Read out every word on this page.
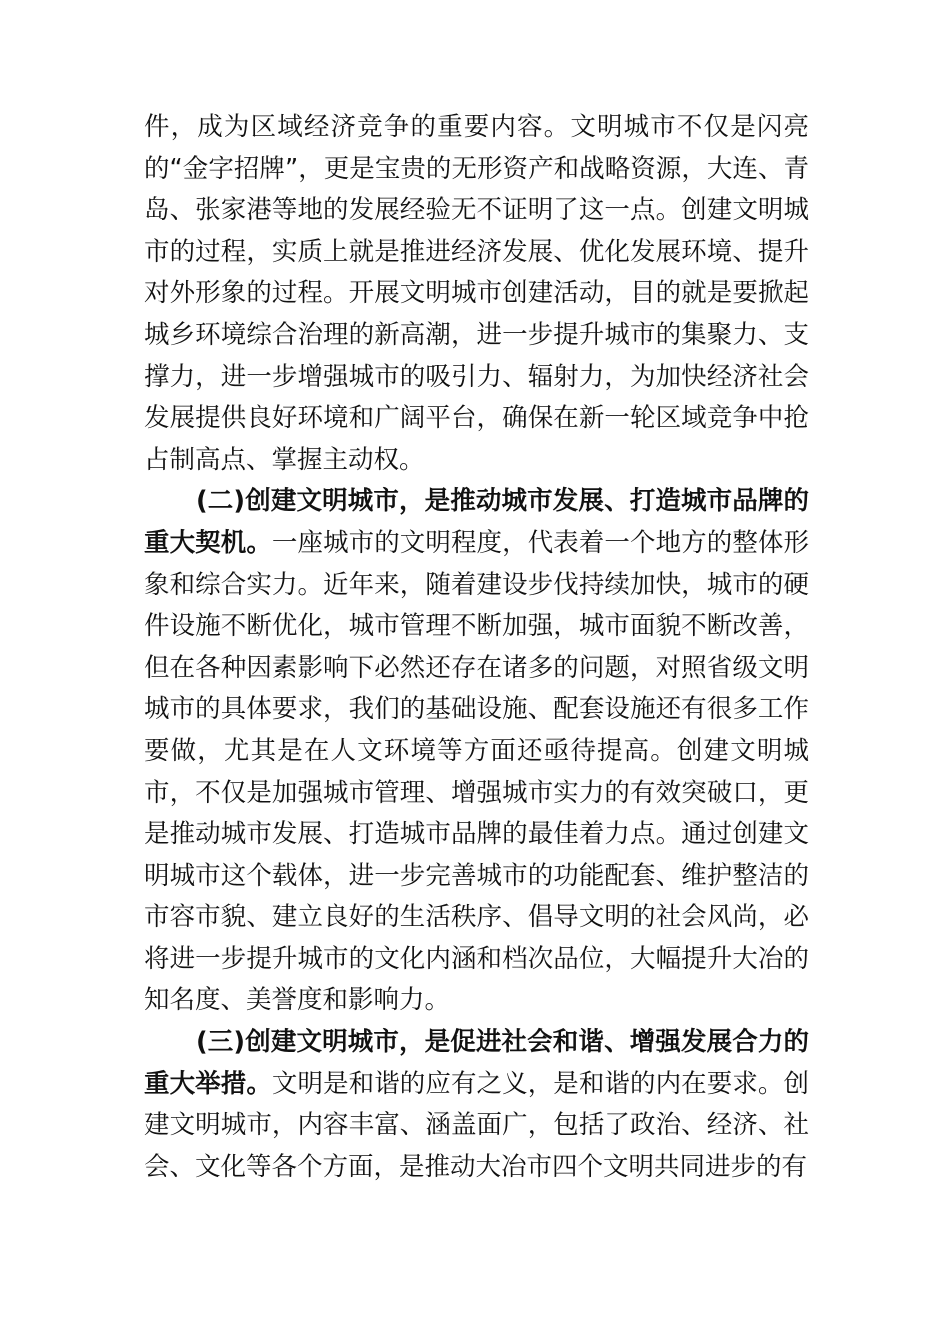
件，成为区域经济竞争的重要内容。文明城市不仅是闪亮的“金字招牌”，更是宝贵的无形资产和战略资源，大连、青岛、张家港等地的发展经验无不证明了这一点。创建文明城市的过程，实质上就是推进经济发展、优化发展环境、提升对外形象的过程。开展文明城市创建活动，目的就是要掀起城乡环境综合治理的新高潮，进一步提升城市的集聚力、支撑力，进一步增强城市的吸引力、辐射力，为加快经济社会发展提供良好环境和广阔平台，确保在新一轮区域竞争中抢占制高点、掌握主动权。

(二)创建文明城市，是推动城市发展、打造城市品牌的重大契机。一座城市的文明程度，代表着一个地方的整体形象和综合实力。近年来，随着建设步伐持续加快，城市的硬件设施不断优化，城市管理不断加强，城市面貌不断改善，但在各种因素影响下必然还存在诸多的问题，对照省级文明城市的具体要求，我们的基础设施、配套设施还有很多工作要做，尤其是在人文环境等方面还亟待提高。创建文明城市，不仅是加强城市管理、增强城市实力的有效突破口，更是推动城市发展、打造城市品牌的最佳着力点。通过创建文明城市这个载体，进一步完善城市的功能配套、维护整洁的市容市貌、建立良好的生活秩序、倡导文明的社会风尚，必将进一步提升城市的文化内涵和档次品位，大幅提升大冶的知名度、美誉度和影响力。

(三)创建文明城市，是促进社会和谐、增强发展合力的重大举措。文明是和谐的应有之义，是和谐的内在要求。创建文明城市，内容丰富、涵盖面广，包括了政治、经济、社会、文化等各个方面，是推动大冶市四个文明共同进步的有
